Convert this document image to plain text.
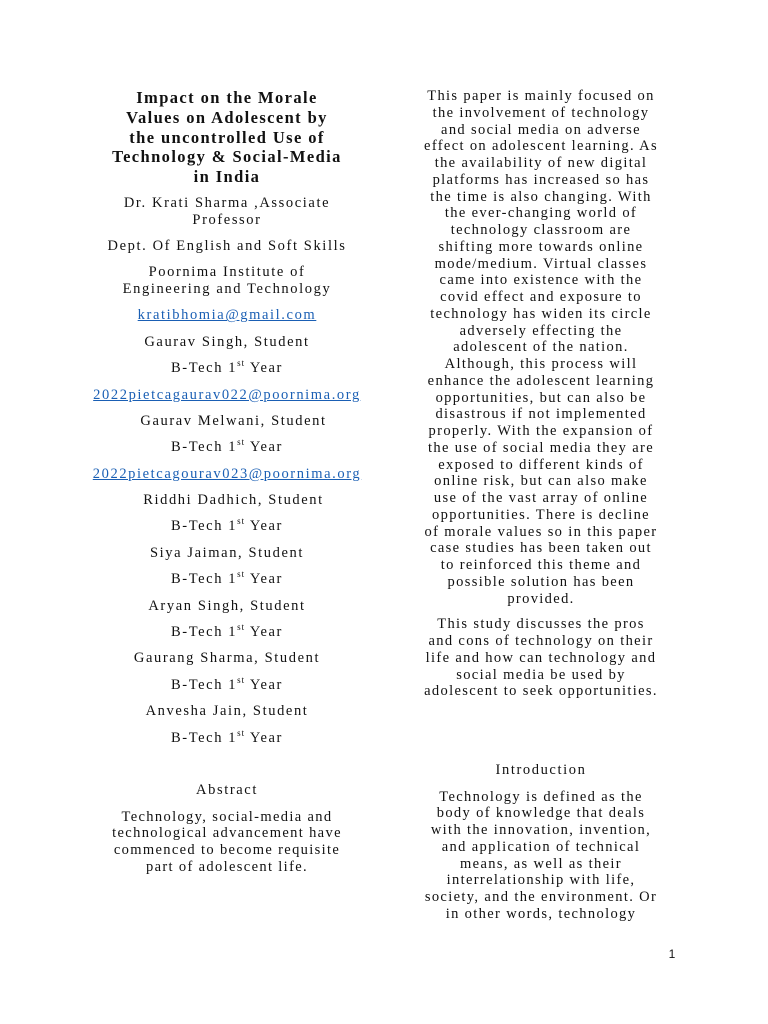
Impact on the Morale
Values on Adolescent by
the uncontrolled Use of
Technology & Social-Media
in India

Dr. Krati Sharma ,Associate Professor

Dept. Of English and Soft Skills

Poornima Institute of Engineering and Technology

kratibhomia@gmail.com

Gaurav Singh, Student

B-Tech 1st Year

2022pietcagaurav022@poornima.org

Gaurav Melwani, Student

B-Tech 1st Year

2022pietcagourav023@poornima.org

Riddhi Dadhich, Student

B-Tech 1st Year

Siya Jaiman, Student

B-Tech 1st Year

Aryan Singh, Student

B-Tech 1st Year

Gaurang Sharma, Student

B-Tech 1st Year

Anvesha Jain, Student

B-Tech 1st Year

Abstract

Technology, social-media and

technological advancement have

commenced to become requisite

part of adolescent life.

This paper is mainly focused on

the involvement of technology

and social media on adverse

effect on adolescent learning. As

the availability of new digital

platforms has increased so has

the time is also changing. With

the ever-changing world of

technology classroom are

shifting more towards online

mode/medium. Virtual classes

came into existence with the

covid effect and exposure to

technology has widen its circle

adversely effecting the

adolescent of the nation.

Although, this process will

enhance the adolescent learning

opportunities, but can also be

disastrous if not implemented

properly. With the expansion of

the use of social media they are

exposed to different kinds of

online risk, but can also make

use of the vast array of online

opportunities. There is decline

of morale values so in this paper

case studies has been taken out

to reinforced this theme and

possible solution has been

provided.

This study discusses the pros

and cons of technology on their

life and how can technology and

social media be used by

adolescent to seek opportunities.

Introduction

Technology is defined as the

body of knowledge that deals

with the innovation, invention,

and application of technical

means, as well as their

interrelationship with life,

society, and the environment. Or

in other words, technology

1
